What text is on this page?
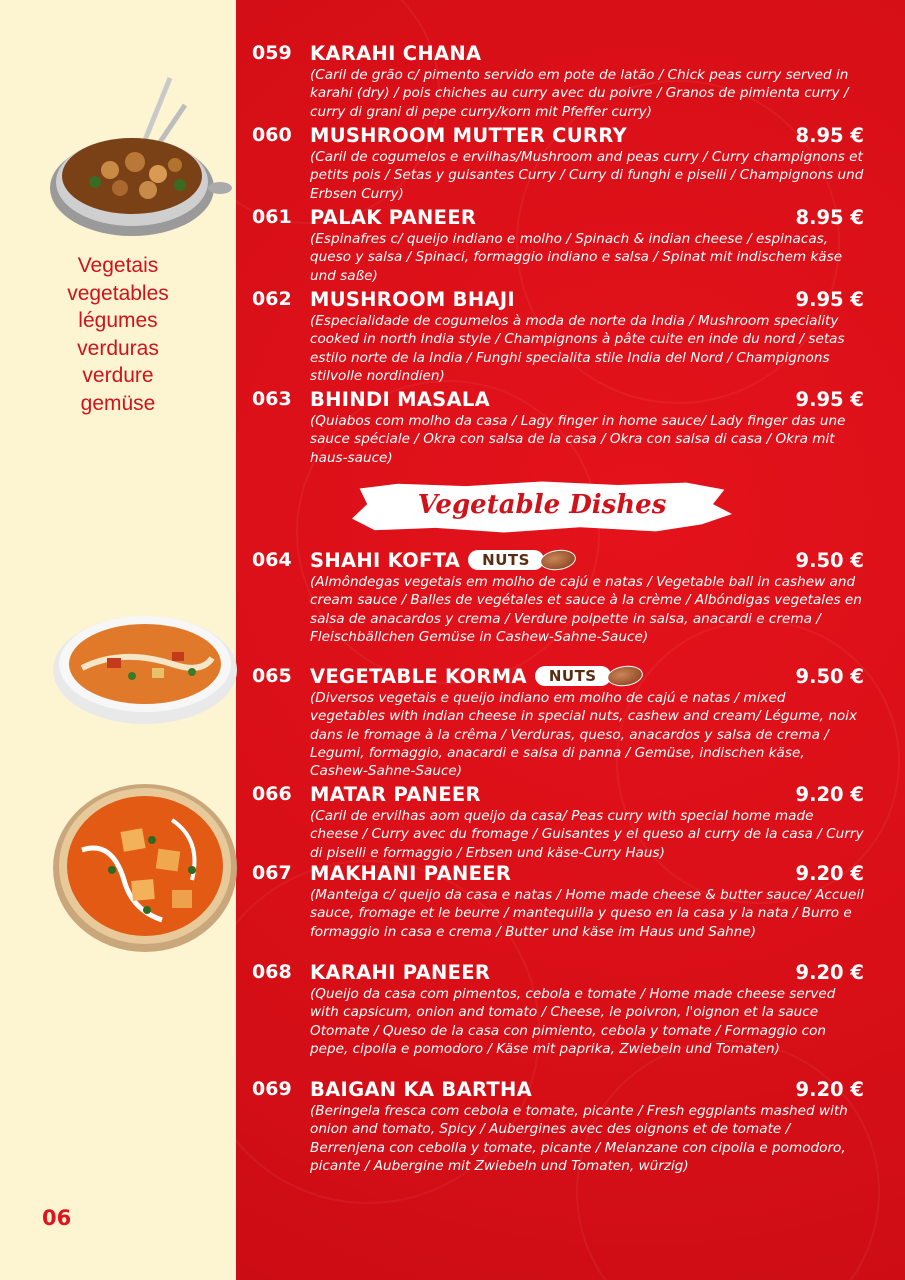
Vegetais
vegetables
légumes
verduras
verdure
gemüse
06
059 KARAHI CHANA
(Caril de grão c/ pimento servido em pote de latão / Chick peas curry served in karahi (dry) / pois chiches au curry avec du poivre / Granos de pimienta curry / curry di grani di pepe curry/korn mit Pfeffer curry)
060 MUSHROOM MUTTER CURRY	8.95 €
(Caril de cogumelos e ervilhas/Mushroom and peas curry / Curry champignons et petits pois / Setas y guisantes Curry / Curry di funghi e piselli / Champignons und Erbsen Curry)
061 PALAK PANEER	8.95 €
(Espinafres c/ queijo indiano e molho / Spinach & indian cheese / espinacas, queso y salsa / Spinaci, formaggio indiano e salsa / Spinat mit indischem käse und saße)
062 MUSHROOM BHAJI	9.95 €
(Especialidade de cogumelos à moda de norte da India / Mushroom speciality cooked in north India style / Champignons à pâte cuite en inde du nord / setas estilo norte de la India / Funghi specialita stile India del Nord / Champignons stilvolle nordindien)
063 BHINDI MASALA	9.95 €
(Quiabos com molho da casa / Lagy finger in home sauce/ Lady finger das une sauce spéciale / Okra con salsa de la casa / Okra con salsa di casa / Okra mit haus-sauce)
Vegetable Dishes
064 SHAHI KOFTA	NUTS	9.50 €
(Almôndegas vegetais em molho de cajú e natas / Vegetable ball in cashew and cream sauce / Balles de vegétales et sauce à la crème / Albóndigas vegetales en salsa de anacardos y crema / Verdure polpette in salsa, anacardi e crema / Fleischbällchen Gemüse in Cashew-Sahne-Sauce)
065 VEGETABLE KORMA	NUTS	9.50 €
(Diversos vegetais e queijo indiano em molho de cajú e natas / mixed vegetables with indian cheese in special nuts, cashew and cream/ Légume, noix dans le fromage à la crêma / Verduras, queso, anacardos y salsa de crema / Legumi, formaggio, anacardi e salsa di panna / Gemüse, indischen käse, Cashew-Sahne-Sauce)
066 MATAR PANEER	9.20 €
(Caril de ervilhas aom queijo da casa/ Peas curry with special home made cheese / Curry avec du fromage / Guisantes y el queso al curry de la casa / Curry di piselli e formaggio / Erbsen und käse-Curry Haus)
067 MAKHANI PANEER	9.20 €
(Manteiga c/ queijo da casa e natas / Home made cheese & butter sauce/ Accueil sauce, fromage et le beurre / mantequilla y queso en la casa y la nata / Burro e formaggio in casa e crema / Butter und käse im Haus und Sahne)
068 KARAHI PANEER	9.20 €
(Queijo da casa com pimentos, cebola e tomate / Home made cheese served with capsicum, onion and tomato / Cheese, le poivron, l'oignon et la sauce Otomate / Queso de la casa con pimiento, cebola y tomate / Formaggio con pepe, cipolla e pomodoro / Käse mit paprika, Zwiebeln und Tomaten)
069 BAIGAN KA BARTHA	9.20 €
(Beringela fresca com cebola e tomate, picante / Fresh eggplants mashed with onion and tomato, Spicy / Aubergines avec des oignons et de tomate / Berrenjena con cebolla y tomate, picante / Melanzane con cipolla e pomodoro, picante / Aubergine mit Zwiebeln und Tomaten, würzig)
